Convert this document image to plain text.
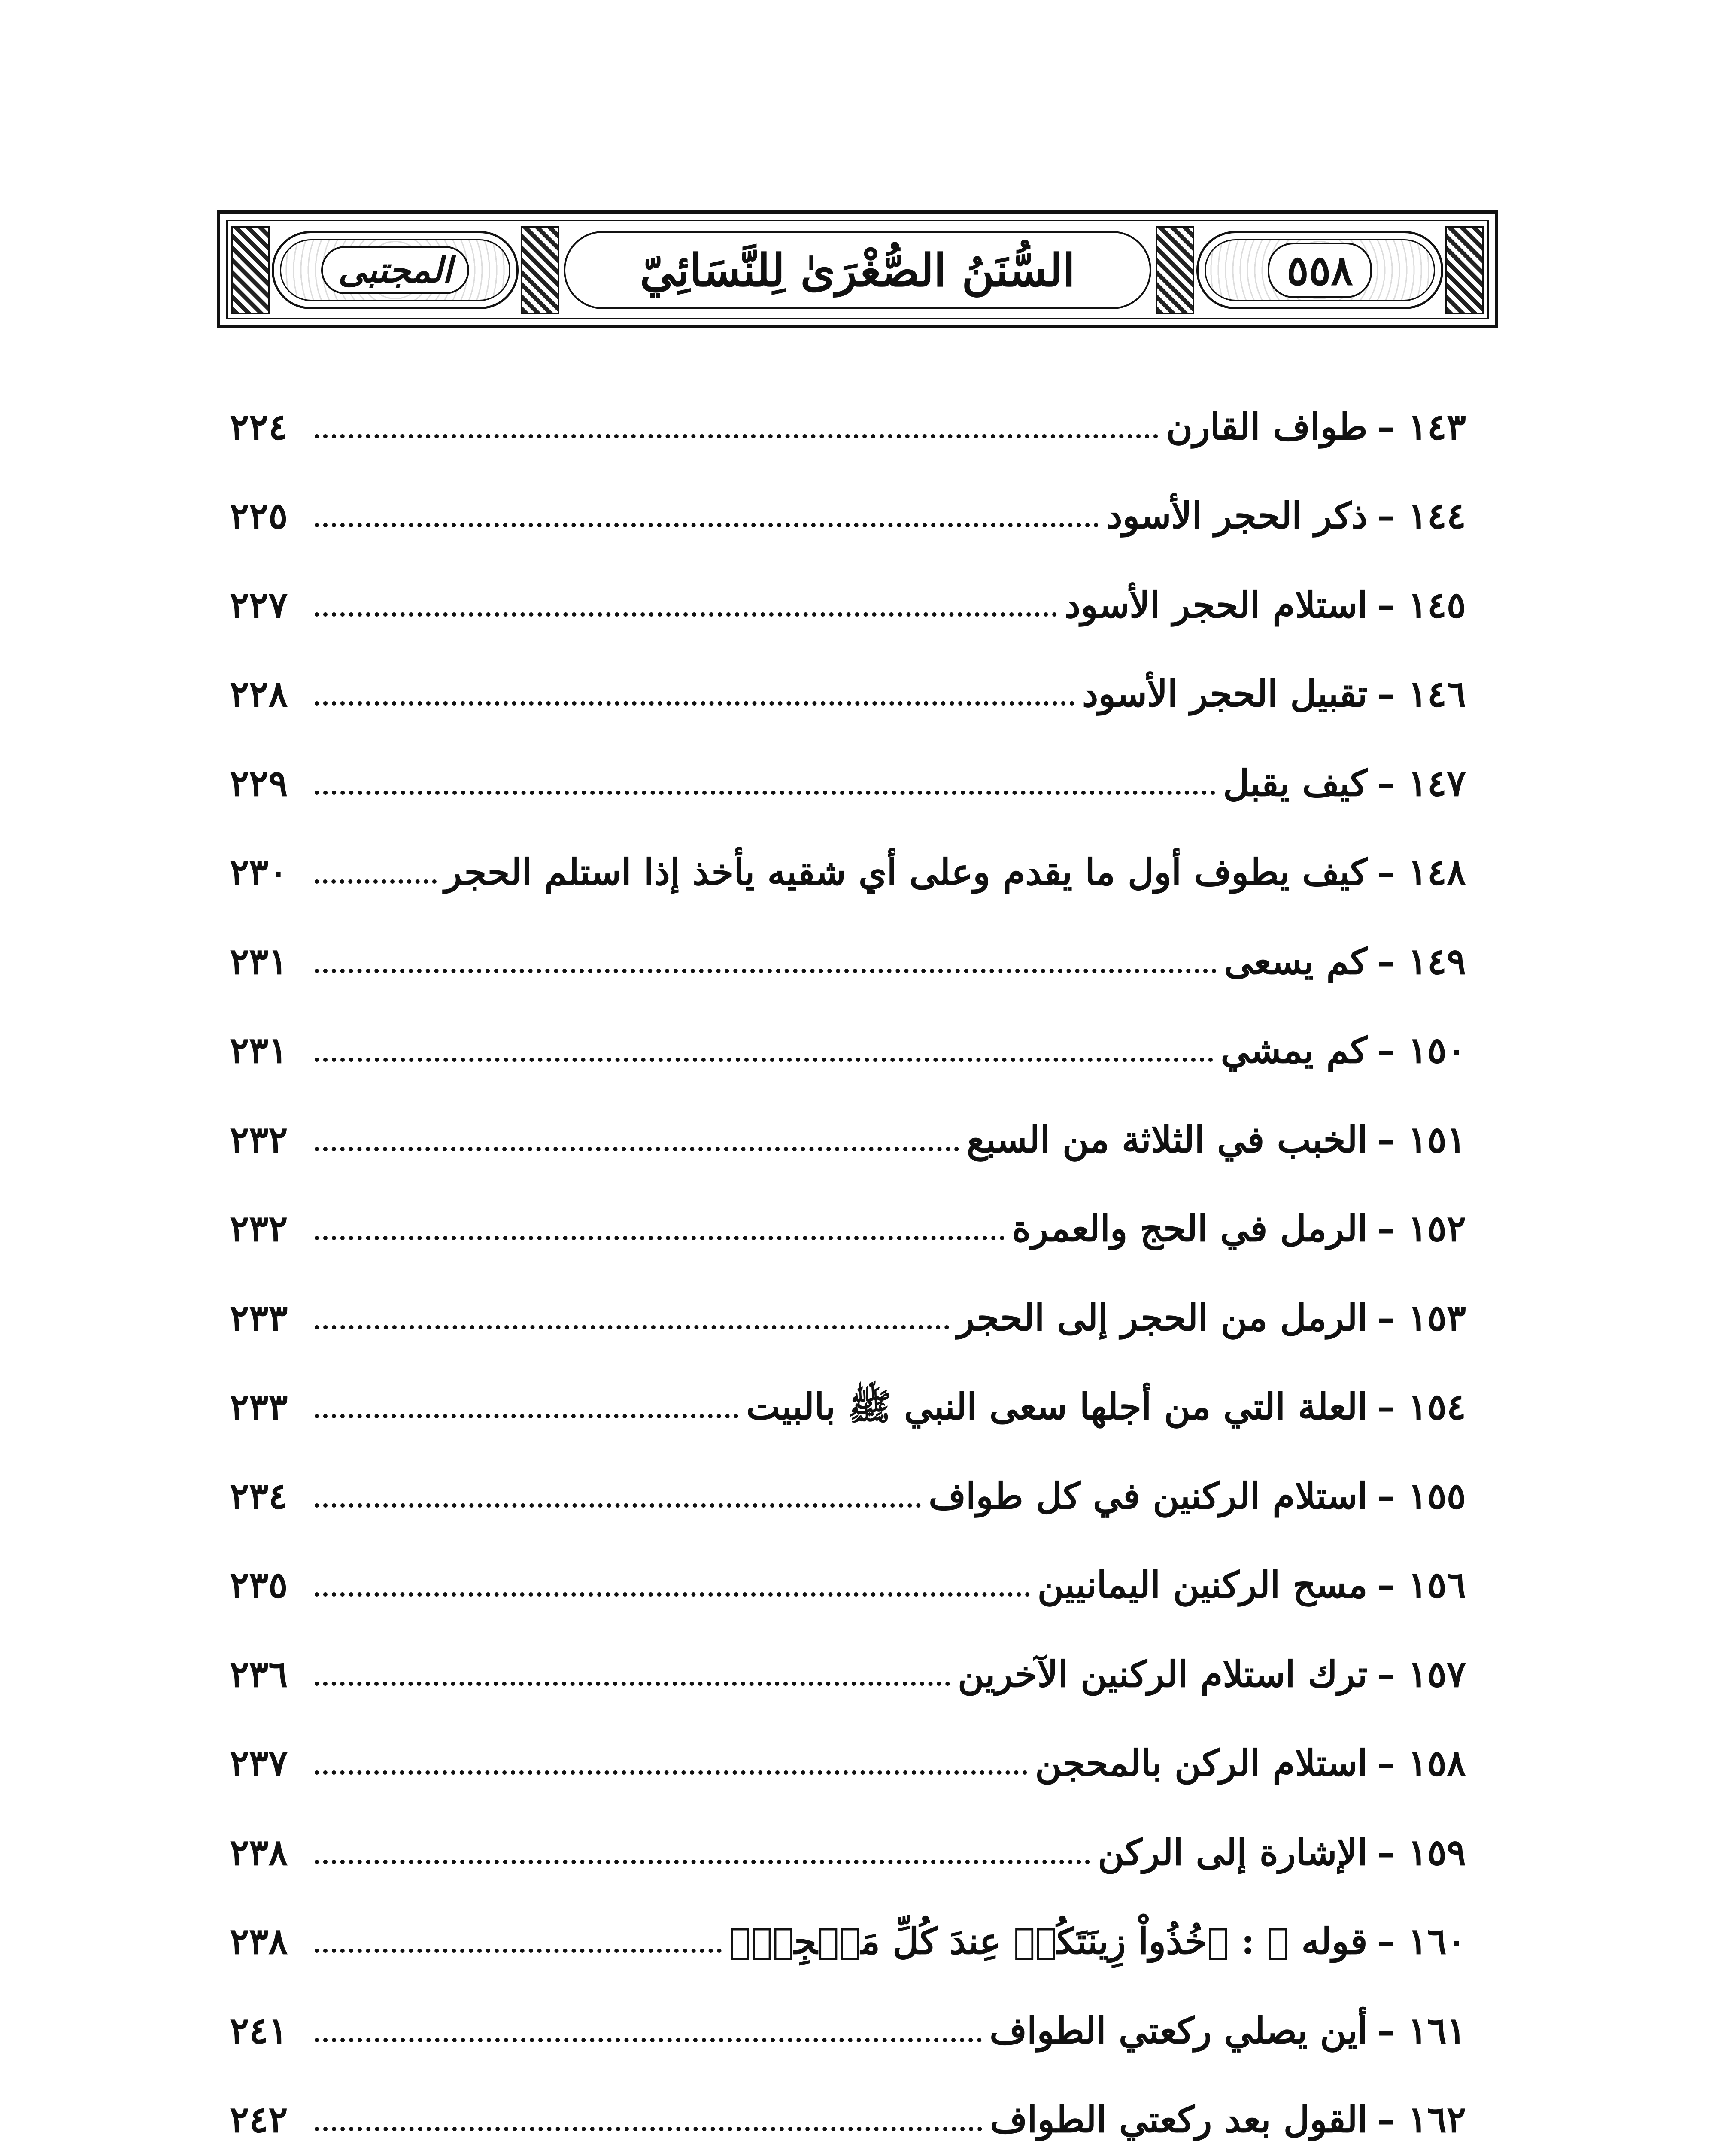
المجتبى	السُّنَنُ الصُّغْرَىٰ لِلنَّسَائِيّ	٥٥٨
١٤٣
–
طواف القارن
٢٢٤
١٤٤
–
ذكر الحجر الأسود
٢٢٥
١٤٥
–
استلام الحجر الأسود
٢٢٧
١٤٦
–
تقبيل الحجر الأسود
٢٢٨
١٤٧
–
كيف يقبل
٢٢٩
١٤٨
–
كيف يطوف أول ما يقدم وعلى أي شقيه يأخذ إذا استلم الحجر
٢٣٠
١٤٩
–
كم يسعى
٢٣١
١٥٠
–
كم يمشي
٢٣١
١٥١
–
الخبب في الثلاثة من السبع
٢٣٢
١٥٢
–
الرمل في الحج والعمرة
٢٣٢
١٥٣
–
الرمل من الحجر إلى الحجر
٢٣٣
١٥٤
–
العلة التي من أجلها سعى النبي ﷺ بالبيت
٢٣٣
١٥٥
–
استلام الركنين في كل طواف
٢٣٤
١٥٦
–
مسح الركنين اليمانيين
٢٣٥
١٥٧
–
ترك استلام الركنين الآخرين
٢٣٦
١٥٨
–
استلام الركن بالمحجن
٢٣٧
١٥٩
–
الإشارة إلى الركن
٢٣٨
١٦٠
–
قوله ﷻ : ﴿خُذُواْ زِينَتَكُمۡ عِندَ كُلِّ مَسۡجِدٖ﴾
٢٣٨
١٦١
–
أين يصلي ركعتي الطواف
٢٤١
١٦٢
–
القول بعد ركعتي الطواف
٢٤٢
